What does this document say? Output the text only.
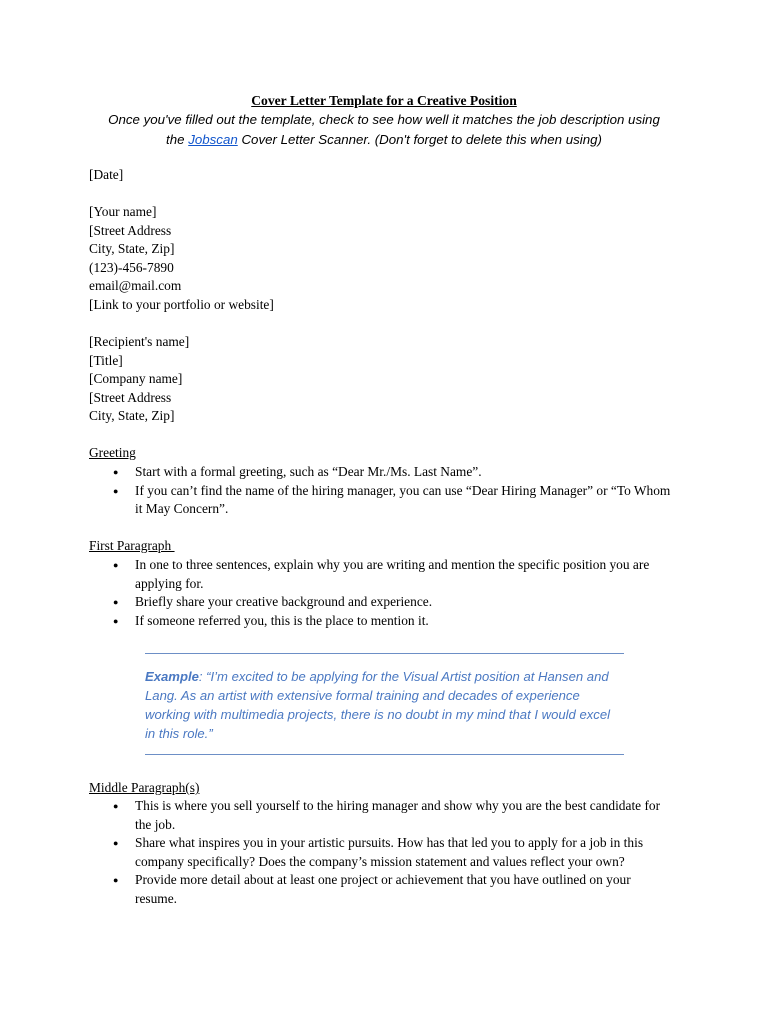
Cover Letter Template for a Creative Position
Once you've filled out the template, check to see how well it matches the job description using
the Jobscan Cover Letter Scanner. (Don't forget to delete this when using)
[Date]
[Your name]
[Street Address
City, State, Zip]
(123)-456-7890
email@mail.com
[Link to your portfolio or website]
[Recipient's name]
[Title]
[Company name]
[Street Address
City, State, Zip]
Greeting
● Start with a formal greeting, such as “Dear Mr./Ms. Last Name”.
● If you can’t find the name of the hiring manager, you can use “Dear Hiring Manager” or “To Whom it May Concern”.
First Paragraph
● In one to three sentences, explain why you are writing and mention the specific position you are applying for.
● Briefly share your creative background and experience.
● If someone referred you, this is the place to mention it.
Example: “I’m excited to be applying for the Visual Artist position at Hansen and Lang. As an artist with extensive formal training and decades of experience working with multimedia projects, there is no doubt in my mind that I would excel in this role.”
Middle Paragraph(s)
● This is where you sell yourself to the hiring manager and show why you are the best candidate for the job.
● Share what inspires you in your artistic pursuits. How has that led you to apply for a job in this company specifically? Does the company’s mission statement and values reflect your own?
● Provide more detail about at least one project or achievement that you have outlined on your resume.
